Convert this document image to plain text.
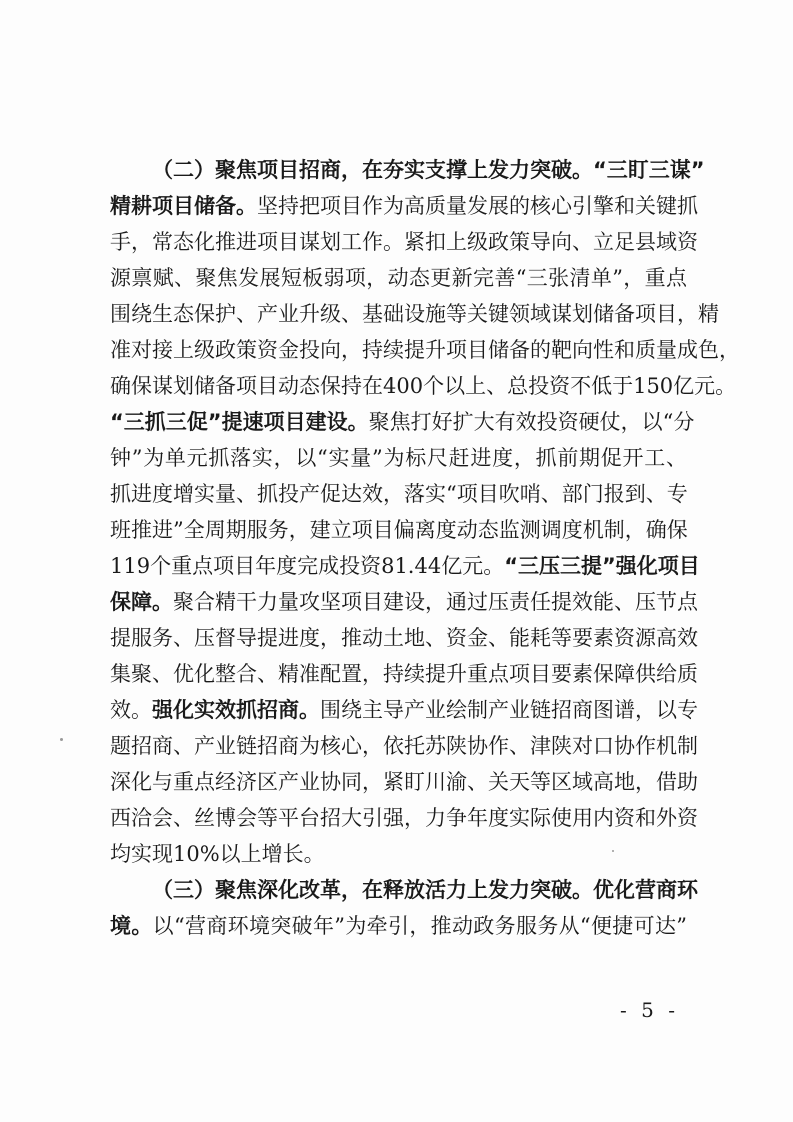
（二）聚焦项目招商，在夯实支撑上发力突破。“三盯三谋”
精耕项目储备。坚持把项目作为高质量发展的核心引擎和关键抓
手，常态化推进项目谋划工作。紧扣上级政策导向、立足县域资
源禀赋、聚焦发展短板弱项，动态更新完善“三张清单”，重点
围绕生态保护、产业升级、基础设施等关键领域谋划储备项目，精
准对接上级政策资金投向，持续提升项目储备的靶向性和质量成色，
确保谋划储备项目动态保持在400个以上、总投资不低于150亿元。
“三抓三促”提速项目建设。聚焦打好扩大有效投资硬仗，以“分
钟”为单元抓落实，以“实量”为标尺赶进度，抓前期促开工、
抓进度增实量、抓投产促达效，落实“项目吹哨、部门报到、专
班推进”全周期服务，建立项目偏离度动态监测调度机制，确保
119个重点项目年度完成投资81.44亿元。“三压三提”强化项目
保障。聚合精干力量攻坚项目建设，通过压责任提效能、压节点
提服务、压督导提进度，推动土地、资金、能耗等要素资源高效
集聚、优化整合、精准配置，持续提升重点项目要素保障供给质
效。强化实效抓招商。围绕主导产业绘制产业链招商图谱，以专
题招商、产业链招商为核心，依托苏陕协作、津陕对口协作机制
深化与重点经济区产业协同，紧盯川渝、关天等区域高地，借助
西洽会、丝博会等平台招大引强，力争年度实际使用内资和外资
均实现10%以上增长。
（三）聚焦深化改革，在释放活力上发力突破。优化营商环
境。以“营商环境突破年”为牵引，推动政务服务从“便捷可达”
- 5 -
